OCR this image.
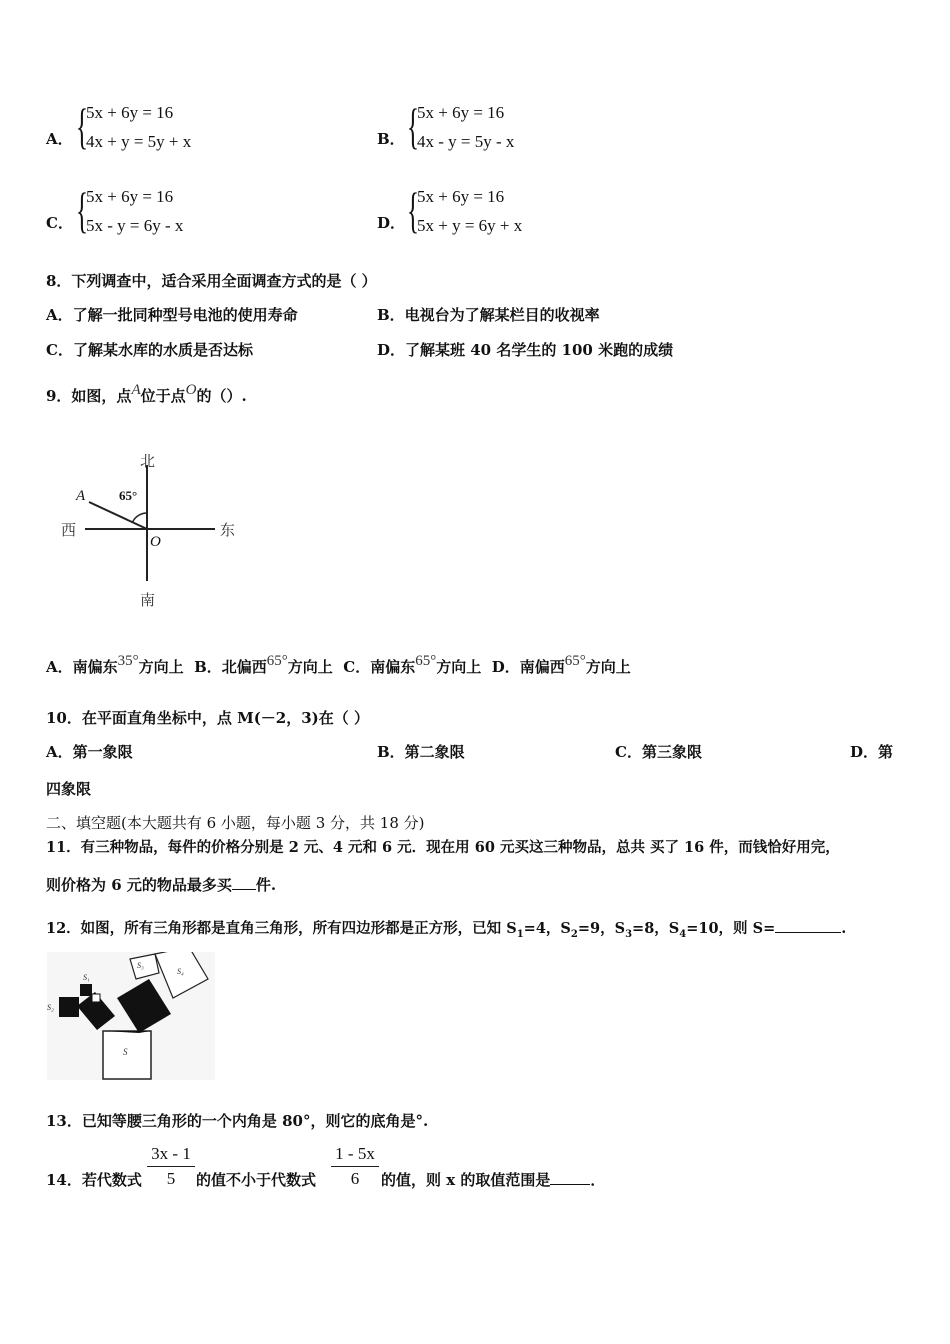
A． {
5x + 6y = 16
4x + y = 5y + x	B． {
5x + 6y = 16
4x - y = 5y - x
C． {
5x + 6y = 16
5x - y = 6y - x	D． {
5x + 6y = 16
5x + y = 6y + x
8．下列调查中，适合采用全面调查方式的是（ ）
A．了解一批同种型号电池的使用寿命	B．电视台为了解某栏目的收视率
C．了解某水库的水质是否达标	D．了解某班 40 名学生的 100 米跑的成绩
9．如图，点A位于点O的（）.
北
南
西	东
A
O
65°
A．南偏东35°方向上 B．北偏西65°方向上 C．南偏东65°方向上 D．南偏西65°方向上
10．在平面直角坐标中，点 M(－2，3)在（ ）
A．第一象限	B．第二象限	C．第三象限	D．第
四象限
二、填空题(本大题共有 6 小题，每小题 3 分，共 18 分)
11．有三种物品，每件的价格分别是 2 元、4 元和 6 元．现在用 60 元买这三种物品，总共 买了 16 件，而钱恰好用完，
则价格为 6 元的物品最多买 件.
12．如图，所有三角形都是直角三角形，所有四边形都是正方形，已知 $S_1=4$，$S_2=9$，$S_3=8$，$S_4=10$，则 S=	.
S
S₁
S₂
S₃
S₄
13．已知等腰三角形的一个内角是 80°，则它的底角是°.
14．若代数式
3x - 1
5	的值不小于代数式
1 - 5x
6	的值，则 x 的取值范围是	．
